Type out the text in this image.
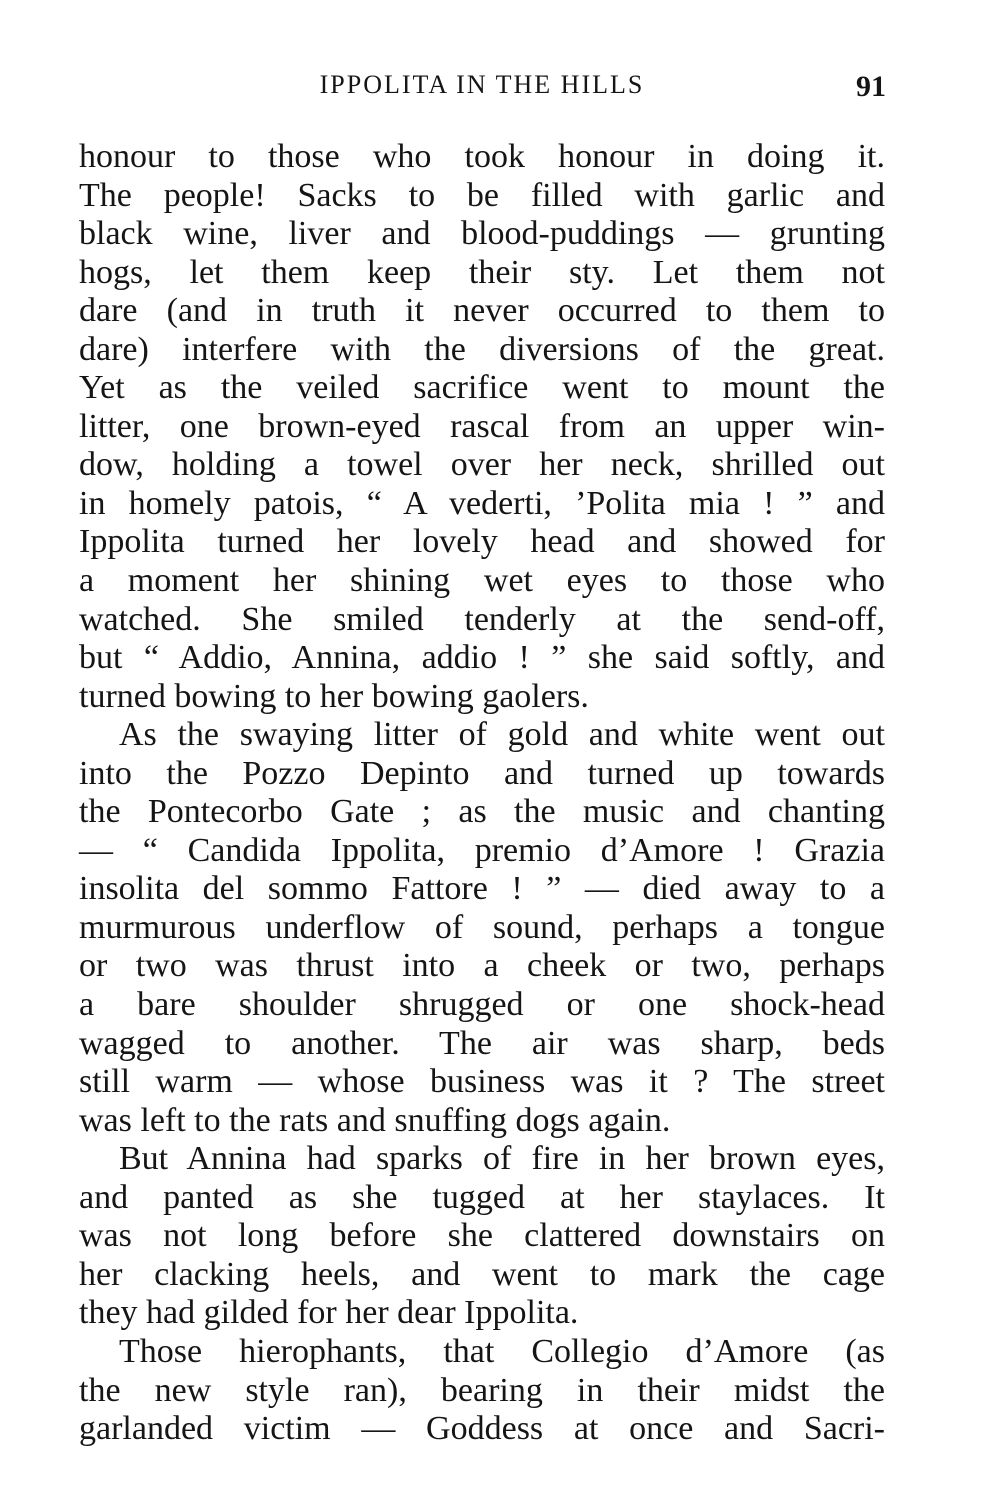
IPPOLITA IN THE HILLS	91
honour to those who took honour in doing it.
The people! Sacks to be filled with garlic and
black wine, liver and blood-puddings — grunting
hogs, let them keep their sty. Let them not
dare (and in truth it never occurred to them to
dare) interfere with the diversions of the great.
Yet as the veiled sacrifice went to mount the
litter, one brown-eyed rascal from an upper win-
dow, holding a towel over her neck, shrilled out
in homely patois, “ A vederti, ’Polita mia ! ” and
Ippolita turned her lovely head and showed for
a moment her shining wet eyes to those who
watched. She smiled tenderly at the send-off,
but “ Addio, Annina, addio ! ” she said softly, and
turned bowing to her bowing gaolers.
As the swaying litter of gold and white went out
into the Pozzo Depinto and turned up towards
the Pontecorbo Gate ; as the music and chanting
— “ Candida Ippolita, premio d’Amore ! Grazia
insolita del sommo Fattore ! ” — died away to a
murmurous underflow of sound, perhaps a tongue
or two was thrust into a cheek or two, perhaps
a bare shoulder shrugged or one shock-head
wagged to another. The air was sharp, beds
still warm — whose business was it ? The street
was left to the rats and snuffing dogs again.
But Annina had sparks of fire in her brown eyes,
and panted as she tugged at her staylaces. It
was not long before she clattered downstairs on
her clacking heels, and went to mark the cage
they had gilded for her dear Ippolita.
Those hierophants, that Collegio d’Amore (as
the new style ran), bearing in their midst the
garlanded victim — Goddess at once and Sacri-
